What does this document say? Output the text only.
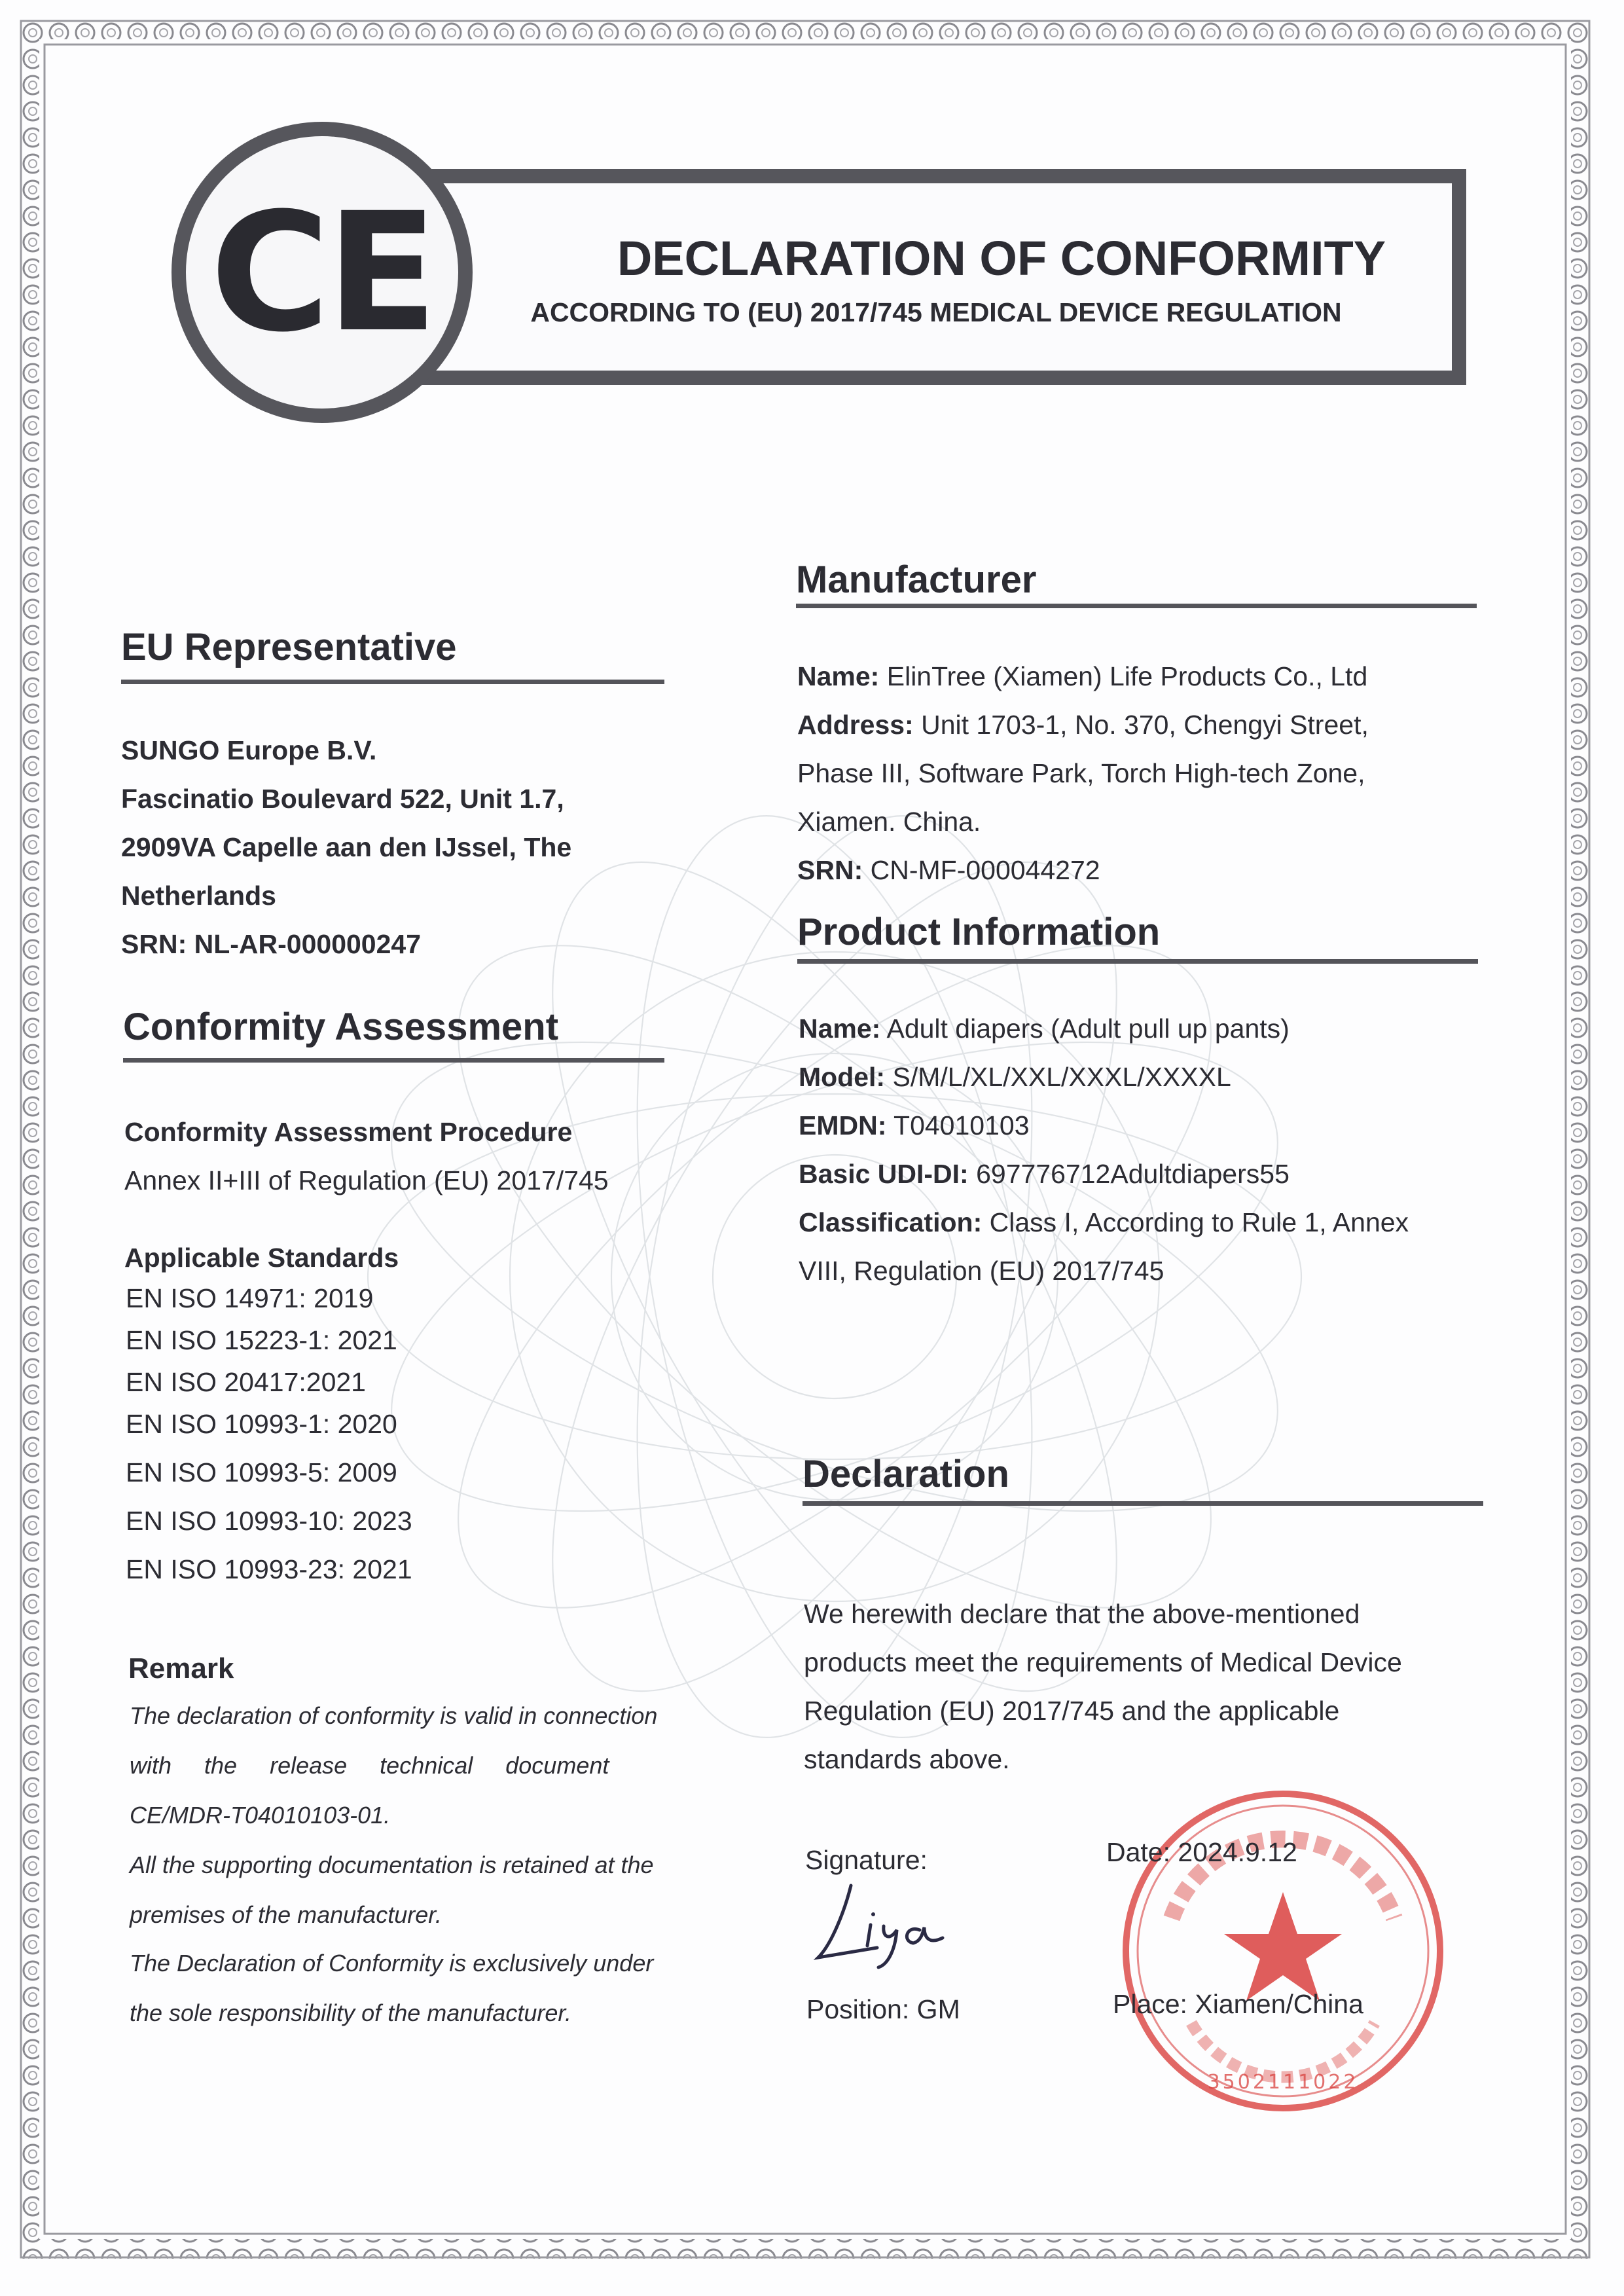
CE	DECLARATION OF CONFORMITY
ACCORDING TO (EU) 2017/745 MEDICAL DEVICE REGULATION
EU Representative
SUNGO Europe B.V.
Fascinatio Boulevard 522, Unit 1.7,
2909VA Capelle aan den IJssel, The
Netherlands
SRN: NL-AR-000000247
Conformity Assessment
Conformity Assessment Procedure
Annex II+III of Regulation (EU) 2017/745
Applicable Standards
EN ISO 14971: 2019
EN ISO 15223-1: 2021
EN ISO 20417:2021
EN ISO 10993-1: 2020
EN ISO 10993-5: 2009
EN ISO 10993-10: 2023
EN ISO 10993-23: 2021
Remark
The declaration of conformity is valid in connection
with     the     release     technical     document
CE/MDR-T04010103-01.
All the supporting documentation is retained at the
premises of the manufacturer.
The Declaration of Conformity is exclusively under
the sole responsibility of the manufacturer.
Manufacturer
Name: ElinTree (Xiamen) Life Products Co., Ltd
Address: Unit 1703-1, No. 370, Chengyi Street,
Phase III, Software Park, Torch High-tech Zone,
Xiamen. China.
SRN: CN-MF-000044272
Product Information
Name: Adult diapers (Adult pull up pants)
Model: S/M/L/XL/XXL/XXXL/XXXXL
EMDN: T04010103
Basic UDI-DI: 697776712Adultdiapers55
Classification: Class I, According to Rule 1, Annex
VIII, Regulation (EU) 2017/745
Declaration
We herewith declare that the above-mentioned
products meet the requirements of Medical Device
Regulation (EU) 2017/745 and the applicable
standards above.
Signature:
Position: GM
3502111022
Date: 2024.9.12
Place: Xiamen/China
